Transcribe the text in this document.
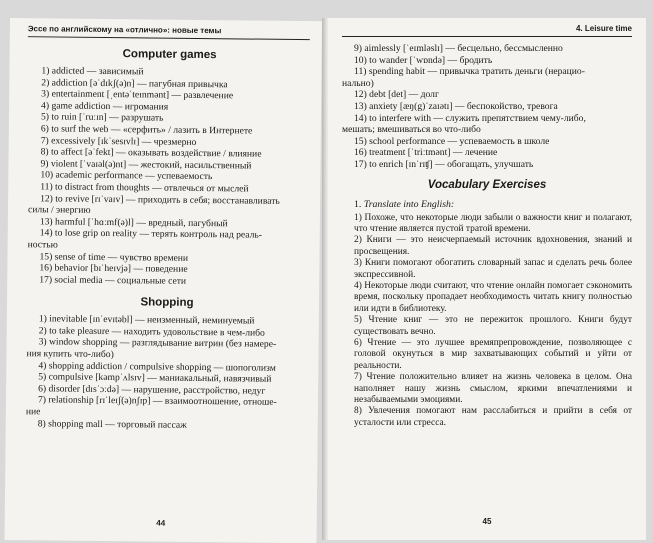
Эссе по английскому на «отлично»: новые темы
Computer games
1) addicted — зависимый
2) addiction [əˈdɪkʃ(ə)n] — пагубная привычка
3) entertainment [ˌentəˈteɪnmənt] — развлечение
4) game addiction — игромания
5) to ruin [ˈruːɪn] — разрушать
6) to surf the web — «серфить» / лазить в Интернете
7) excessively [ɪkˈsesɪvlɪ] — чрезмерно
8) to affect [əˈfekt] — оказывать воздействие / влияние
9) violent [ˈvaɪəl(ə)nt] — жестокий, насильственный
10) academic performance — успеваемость
11) to distract from thoughts — отвлечься от мыслей
12) to revive [rɪˈvaɪv] — приходить в себя; восстанавливать
силы / энергию
13) harmful [ˈhɑːmf(ə)l] — вредный, пагубный
14) to lose grip on reality — терять контроль над реаль-
ностью
15) sense of time — чувство времени
16) behavior [bɪˈheɪvjə] — поведение
17) social media — социальные сети
Shopping
1) inevitable [ɪnˈevɪtəbl] — неизменный, неминуемый
2) to take pleasure — находить удовольствие в чем-либо
3) window shopping — разглядывание витрин (без намере-
ния купить что-либо)
4) shopping addiction / compulsive shopping — шопоголизм
5) compulsive [kəmpˈʌlsɪv] — маниакальный, навязчивый
6) disorder [dɪsˈɔːdə] — нарушение, расстройство, недуг
7) relationship [rɪˈleɪʃ(ə)nʃɪp] — взаимоотношение, отноше-
ние
8) shopping mall — торговый пассаж
44
4. Leisure time
9) aimlessly [ˈeɪmləslɪ] — бесцельно, бессмысленно
10) to wander [ˈwɒndə] — бродить
11) spending habit — привычка тратить деньги (нерацио-
нально)
12) debt [det] — долг
13) anxiety [æŋ(g)ˈzaɪətɪ] — беспокойство, тревога
14) to interfere with — служить препятствием чему-либо,
мешать; вмешиваться во что-либо
15) school performance — успеваемость в школе
16) treatment [ˈtriːtmənt] — лечение
17) to enrich [ɪnˈrɪʧ] — обогащать, улучшать
Vocabulary Exercises
1. Translate into English:
1) Похоже, что некоторые люди забыли о важности книг и полагают, что чтение является пустой тратой времени.
2) Книги — это неисчерпаемый источник вдохновения, знаний и просвещения.
3) Книги помогают обогатить словарный запас и сделать речь более экспрессивной.
4) Некоторые люди считают, что чтение онлайн помогает сэкономить время, поскольку пропадает необходимость читать книгу полностью или идти в библиотеку.
5) Чтение книг — это не пережиток прошлого. Книги будут существовать вечно.
6) Чтение — это лучшее времяпрепровождение, позволяющее с головой окунуться в мир захватывающих событий и уйти от реальности.
7) Чтение положительно влияет на жизнь человека в целом. Она наполняет нашу жизнь смыслом, яркими впечатлениями и незабываемыми эмоциями.
8) Увлечения помогают нам расслабиться и прийти в себя от усталости или стресса.
45
